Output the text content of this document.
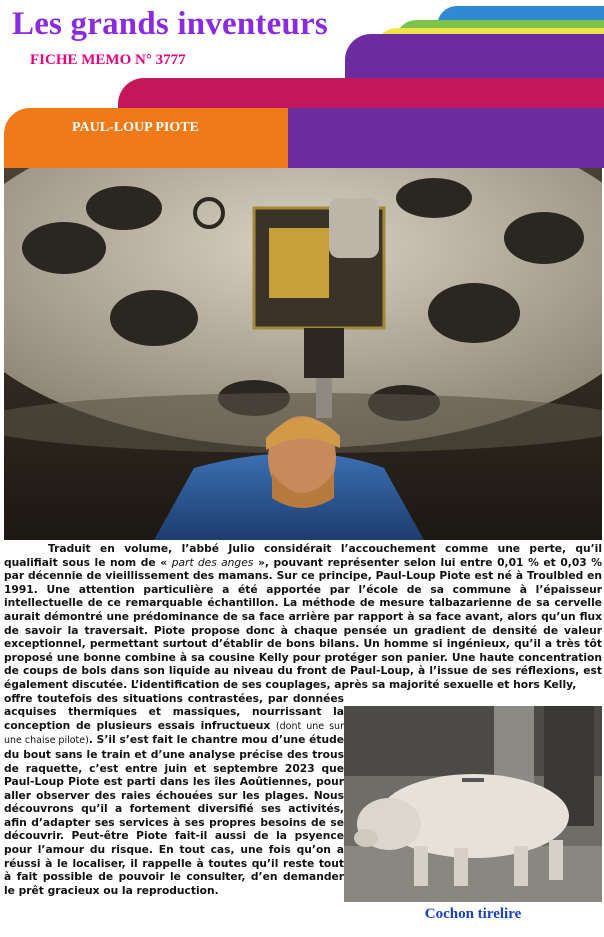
Les grands inventeurs
FICHE MEMO N° 3777
PAUL-LOUP PIOTE

Traduit en volume, l’abbé Julio considérait l’accouchement comme une perte, qu’il qualifiait sous le nom de « part des anges », pouvant représenter selon lui entre 0,01 % et 0,03 % par décennie de vieillissement des mamans. Sur ce principe, Paul-Loup Piote est né à Troulbled en 1991. Une attention particulière a été apportée par l’école de sa commune à l’épaisseur intellectuelle de ce remarquable échantillon. La méthode de mesure talbazarienne de sa cervelle aurait démontré une prédominance de sa face arrière par rapport à sa face avant, alors qu’un flux de savoir la traversait. Piote propose donc à chaque pensée un gradient de densité de valeur exceptionnel, permettant surtout d’établir de bons bilans. Un homme si ingénieux, qu’il a très tôt proposé une bonne combine à sa cousine Kelly pour protéger son panier. Une haute concentration de coups de bols dans son liquide au niveau du front de Paul-Loup, à l’issue de ses réflexions, est également discutée. L’identification de ses couplages, après sa majorité sexuelle et hors Kelly,

offre toutefois des situations contrastées, par données acquises thermiques et massiques, nourrissant la conception de plusieurs essais infructueux (dont une sur une chaise pilote). S’il s’est fait le chantre mou d’une étude du bout sans le train et d’une analyse précise des trous de raquette, c’est entre juin et septembre 2023 que Paul-Loup Piote est parti dans les îles Aoûtiennes, pour aller observer des raies échouées sur les plages. Nous découvrons qu’il a fortement diversifié ses activités, afin d’adapter ses services à ses propres besoins de se découvrir. Peut-être Piote fait-il aussi de la psyence pour l’amour du risque. En tout cas, une fois qu’on a réussi à le localiser, il rappelle à toutes qu’il reste tout à fait possible de pouvoir le consulter, d’en demander le prêt gracieux ou la reproduction.

Cochon tirelire
